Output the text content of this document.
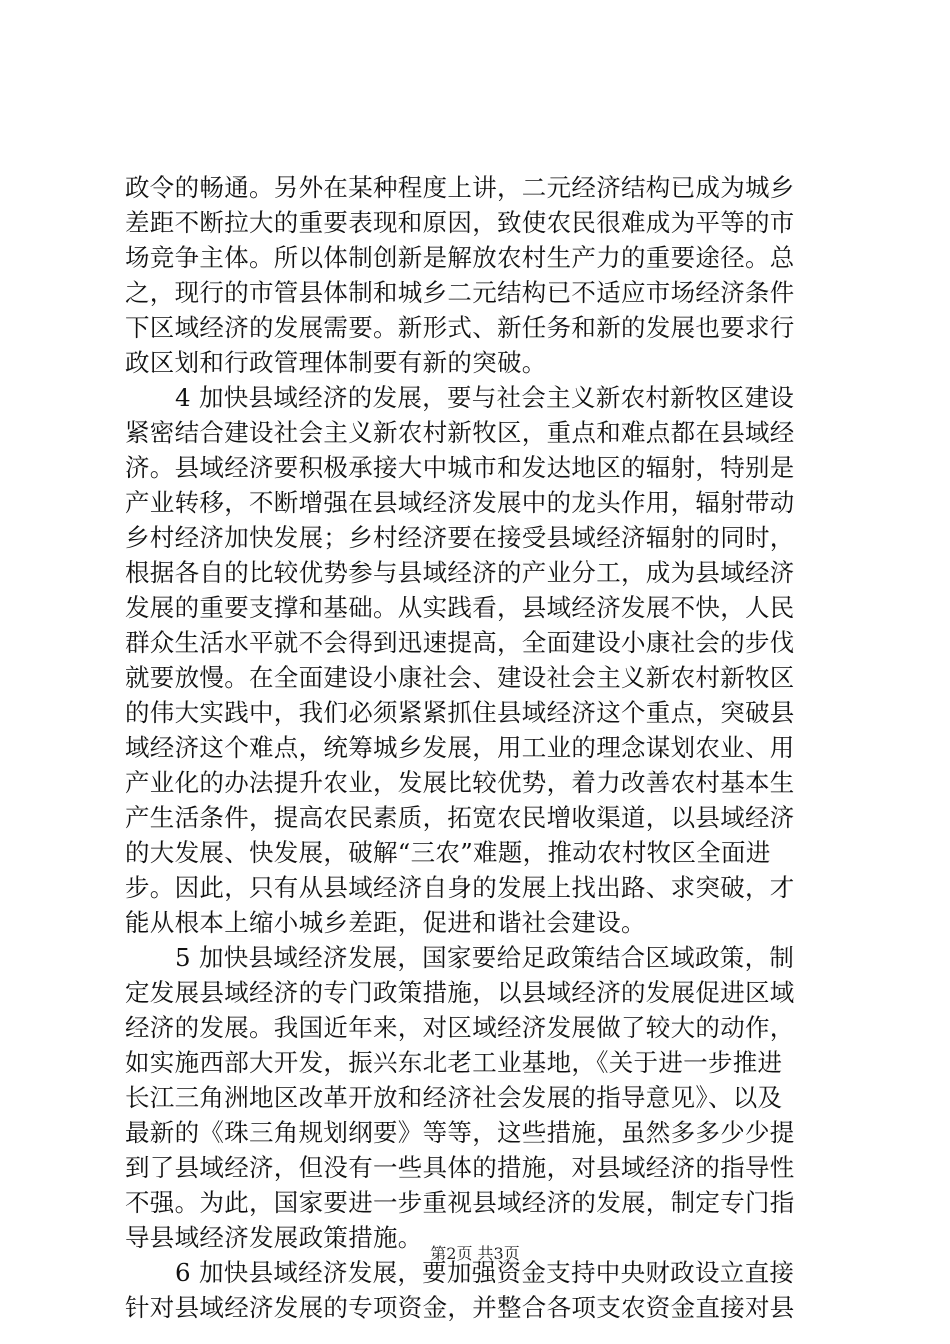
政令的畅通。另外在某种程度上讲，二元经济结构已成为城乡
差距不断拉大的重要表现和原因，致使农民很难成为平等的市
场竞争主体。所以体制创新是解放农村生产力的重要途径。总
之，现行的市管县体制和城乡二元结构已不适应市场经济条件
下区域经济的发展需要。新形式、新任务和新的发展也要求行
政区划和行政管理体制要有新的突破。
4 加快县域经济的发展，要与社会主义新农村新牧区建设
紧密结合建设社会主义新农村新牧区，重点和难点都在县域经
济。县域经济要积极承接大中城市和发达地区的辐射，特别是
产业转移，不断增强在县域经济发展中的龙头作用，辐射带动
乡村经济加快发展；乡村经济要在接受县域经济辐射的同时，
根据各自的比较优势参与县域经济的产业分工，成为县域经济
发展的重要支撑和基础。从实践看，县域经济发展不快，人民
群众生活水平就不会得到迅速提高，全面建设小康社会的步伐
就要放慢。在全面建设小康社会、建设社会主义新农村新牧区
的伟大实践中，我们必须紧紧抓住县域经济这个重点，突破县
域经济这个难点，统筹城乡发展，用工业的理念谋划农业、用
产业化的办法提升农业，发展比较优势，着力改善农村基本生
产生活条件，提高农民素质，拓宽农民增收渠道，以县域经济
的大发展、快发展，破解“三农”难题，推动农村牧区全面进
步。因此，只有从县域经济自身的发展上找出路、求突破，才
能从根本上缩小城乡差距，促进和谐社会建设。
5 加快县域经济发展，国家要给足政策结合区域政策，制
定发展县域经济的专门政策措施，以县域经济的发展促进区域
经济的发展。我国近年来，对区域经济发展做了较大的动作，
如实施西部大开发，振兴东北老工业基地，《关于进一步推进
长江三角洲地区改革开放和经济社会发展的指导意见》、以及
最新的《珠三角规划纲要》等等，这些措施，虽然多多少少提
到了县域经济，但没有一些具体的措施，对县域经济的指导性
不强。为此，国家要进一步重视县域经济的发展，制定专门指
导县域经济发展政策措施。
6 加快县域经济发展，要加强资金支持中央财政设立直接
针对县域经济发展的专项资金，并整合各项支农资金直接对县
第2页 共3页
